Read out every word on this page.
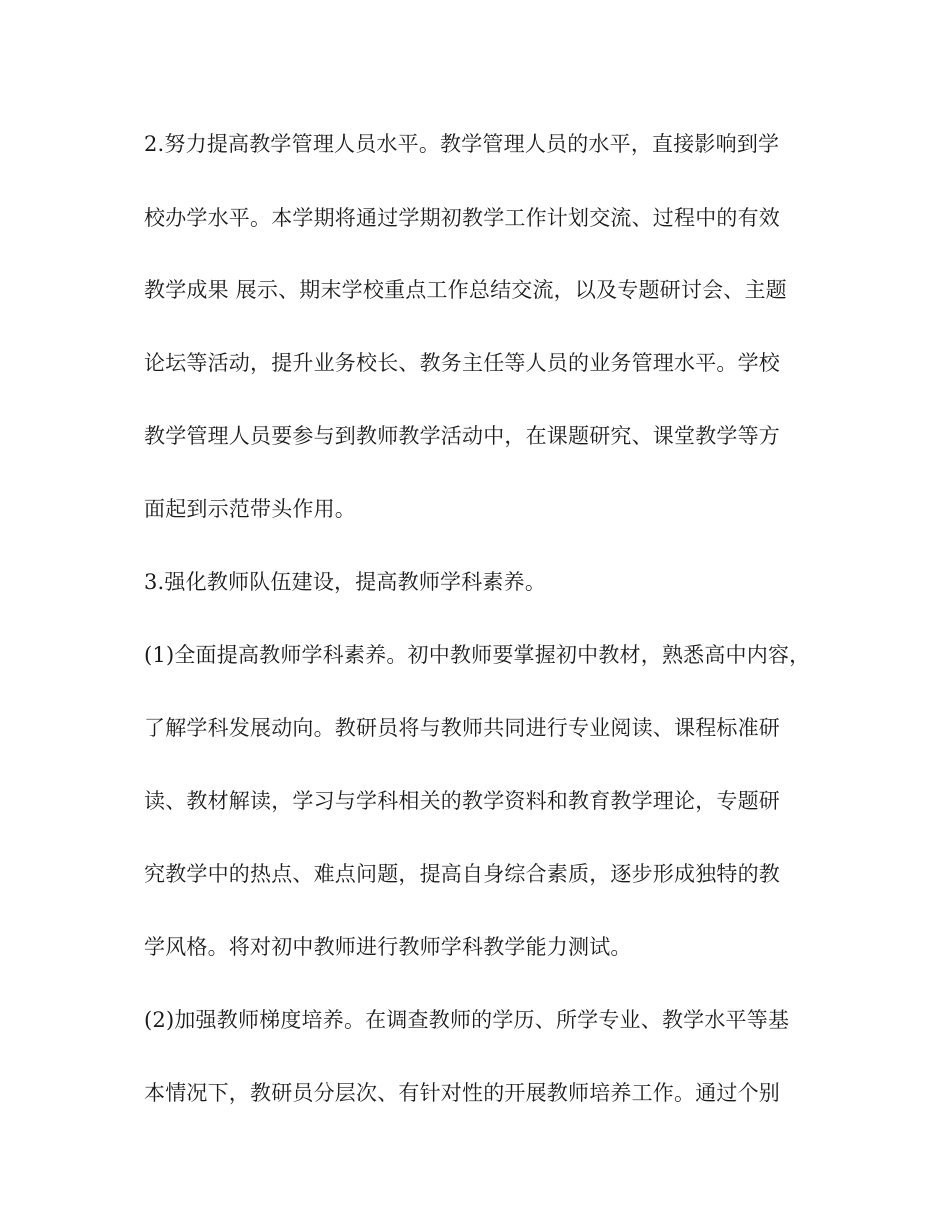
2.努力提高教学管理人员水平。教学管理人员的水平，直接影响到学
校办学水平。本学期将通过学期初教学工作计划交流、过程中的有效
教学成果 展示、期末学校重点工作总结交流，以及专题研讨会、主题
论坛等活动，提升业务校长、教务主任等人员的业务管理水平。学校
教学管理人员要参与到教师教学活动中，在课题研究、课堂教学等方
面起到示范带头作用。
3.强化教师队伍建设，提高教师学科素养。
(1)全面提高教师学科素养。初中教师要掌握初中教材，熟悉高中内容，
了解学科发展动向。教研员将与教师共同进行专业阅读、课程标准研
读、教材解读，学习与学科相关的教学资料和教育教学理论，专题研
究教学中的热点、难点问题，提高自身综合素质，逐步形成独特的教
学风格。将对初中教师进行教师学科教学能力测试。
(2)加强教师梯度培养。在调查教师的学历、所学专业、教学水平等基
本情况下，教研员分层次、有针对性的开展教师培养工作。通过个别
